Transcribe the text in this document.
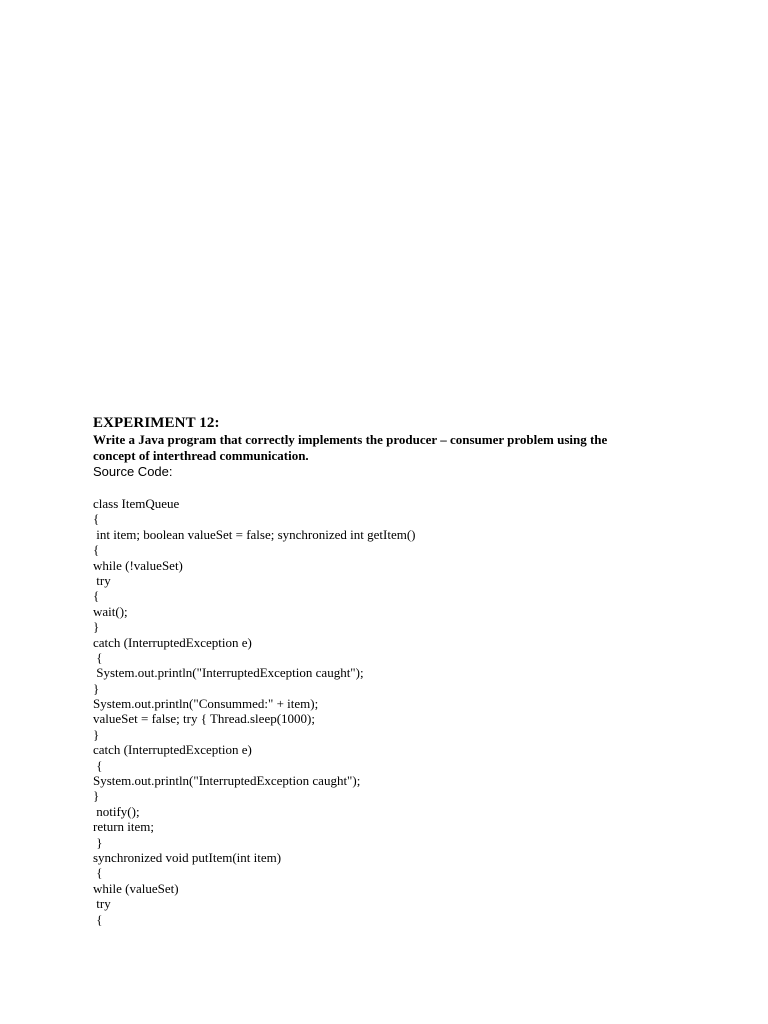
EXPERIMENT 12:

Write a Java program that correctly implements the producer – consumer problem using the

concept of interthread communication.

Source Code:

class ItemQueue

{

int item; boolean valueSet = false; synchronized int getItem()

{

while (!valueSet)

try

{

wait();

}

catch (InterruptedException e)

{

System.out.println("InterruptedException caught");

}

System.out.println("Consummed:" + item);

valueSet = false; try { Thread.sleep(1000);

}

catch (InterruptedException e)

{

System.out.println("InterruptedException caught");

}

notify();

return item;

}

synchronized void putItem(int item)

{

while (valueSet)

try

{
